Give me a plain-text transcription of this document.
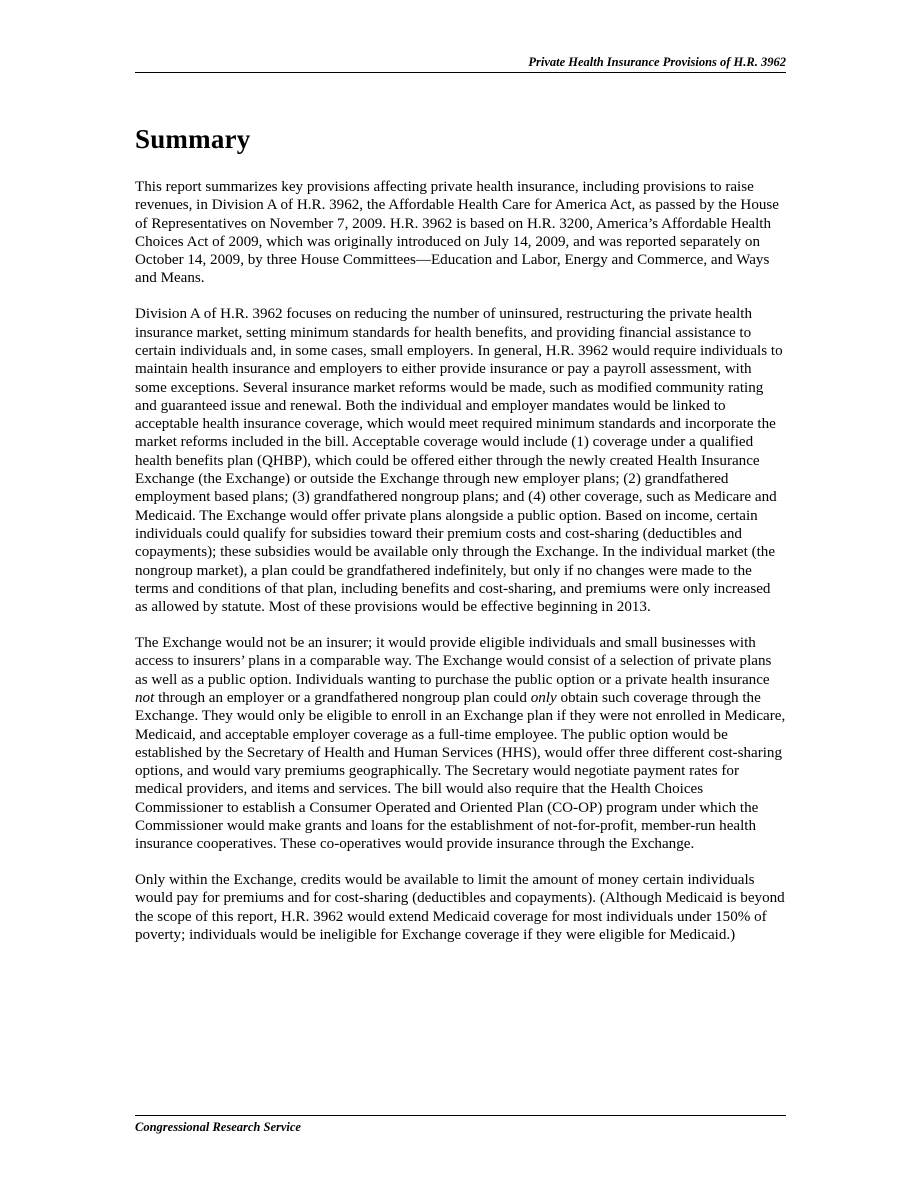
Private Health Insurance Provisions of H.R. 3962
Summary

This report summarizes key provisions affecting private health insurance, including provisions to raise revenues, in Division A of H.R. 3962, the Affordable Health Care for America Act, as passed by the House of Representatives on November 7, 2009. H.R. 3962 is based on H.R. 3200, America’s Affordable Health Choices Act of 2009, which was originally introduced on July 14, 2009, and was reported separately on October 14, 2009, by three House Committees—Education and Labor, Energy and Commerce, and Ways and Means.

Division A of H.R. 3962 focuses on reducing the number of uninsured, restructuring the private health insurance market, setting minimum standards for health benefits, and providing financial assistance to certain individuals and, in some cases, small employers. In general, H.R. 3962 would require individuals to maintain health insurance and employers to either provide insurance or pay a payroll assessment, with some exceptions. Several insurance market reforms would be made, such as modified community rating and guaranteed issue and renewal. Both the individual and employer mandates would be linked to acceptable health insurance coverage, which would meet required minimum standards and incorporate the market reforms included in the bill. Acceptable coverage would include (1) coverage under a qualified health benefits plan (QHBP), which could be offered either through the newly created Health Insurance Exchange (the Exchange) or outside the Exchange through new employer plans; (2) grandfathered employment based plans; (3) grandfathered nongroup plans; and (4) other coverage, such as Medicare and Medicaid. The Exchange would offer private plans alongside a public option. Based on income, certain individuals could qualify for subsidies toward their premium costs and cost-sharing (deductibles and copayments); these subsidies would be available only through the Exchange. In the individual market (the nongroup market), a plan could be grandfathered indefinitely, but only if no changes were made to the terms and conditions of that plan, including benefits and cost-sharing, and premiums were only increased as allowed by statute. Most of these provisions would be effective beginning in 2013.

The Exchange would not be an insurer; it would provide eligible individuals and small businesses with access to insurers’ plans in a comparable way. The Exchange would consist of a selection of private plans as well as a public option. Individuals wanting to purchase the public option or a private health insurance not through an employer or a grandfathered nongroup plan could only obtain such coverage through the Exchange. They would only be eligible to enroll in an Exchange plan if they were not enrolled in Medicare, Medicaid, and acceptable employer coverage as a full-time employee. The public option would be established by the Secretary of Health and Human Services (HHS), would offer three different cost-sharing options, and would vary premiums geographically. The Secretary would negotiate payment rates for medical providers, and items and services. The bill would also require that the Health Choices Commissioner to establish a Consumer Operated and Oriented Plan (CO-OP) program under which the Commissioner would make grants and loans for the establishment of not-for-profit, member-run health insurance cooperatives. These co-operatives would provide insurance through the Exchange.

Only within the Exchange, credits would be available to limit the amount of money certain individuals would pay for premiums and for cost-sharing (deductibles and copayments). (Although Medicaid is beyond the scope of this report, H.R. 3962 would extend Medicaid coverage for most individuals under 150% of poverty; individuals would be ineligible for Exchange coverage if they were eligible for Medicaid.)

Congressional Research Service
